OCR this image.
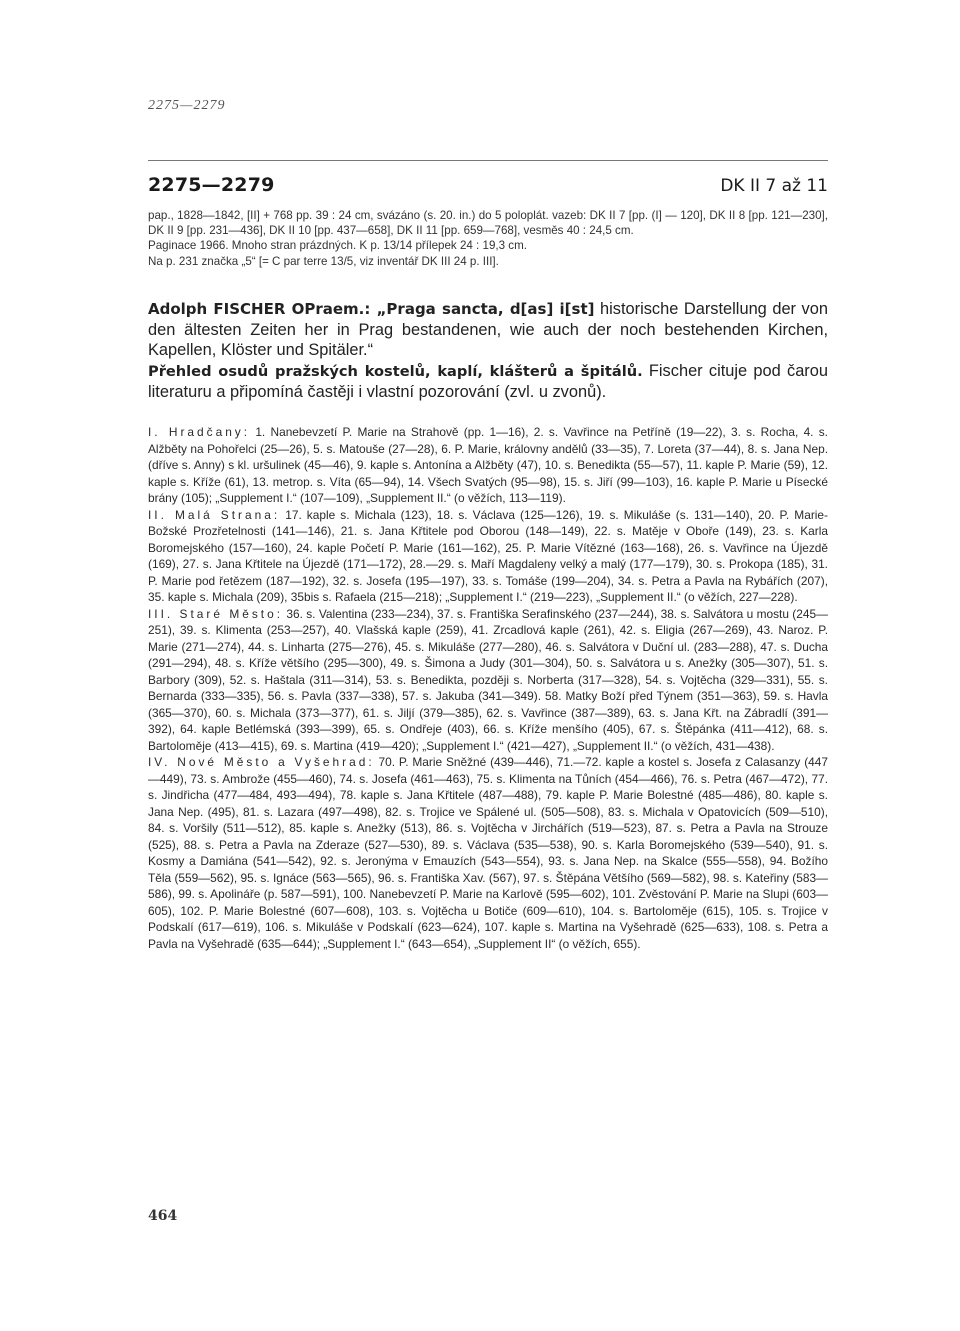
2275—2279
2275—2279	DK II 7 až 11

pap., 1828—1842, [II] + 768 pp. 39 : 24 cm, svázáno (s. 20. in.) do 5 poloplát. vazeb: DK II 7 [pp. (I] — 120], DK II 8 [pp. 121—230], DK II 9 [pp. 231—436], DK II 10 [pp. 437—658], DK II 11 [pp. 659—768], vesměs 40 : 24,5 cm.

Paginace 1966. Mnoho stran prázdných. K p. 13/14 přílepek 24 : 19,3 cm.

Na p. 231 značka „5“ [= C par terre 13/5, viz inventář DK III 24 p. III].

Adolph FISCHER OPraem.: „Praga sancta, d[as] i[st] historische Darstellung der von den ältesten Zeiten her in Prag bestandenen, wie auch der noch bestehenden Kirchen, Kapellen, Klöster und Spitäler.“

Přehled osudů pražských kostelů, kaplí, klášterů a špitálů. Fischer cituje pod čarou literaturu a připomíná častěji i vlastní pozorování (zvl. u zvonů).

I. Hradčany: 1. Nanebevzetí P. Marie na Strahově (pp. 1—16), 2. s. Vavřince na Petříně (19—22), 3. s. Rocha, 4. s. Alžběty na Pohořelci (25—26), 5. s. Matouše (27—28), 6. P. Marie, královny andělů (33—35), 7. Loreta (37—44), 8. s. Jana Nep. (dříve s. Anny) s kl. uršulinek (45—46), 9. kaple s. Antonína a Alžběty (47), 10. s. Benedikta (55—57), 11. kaple P. Marie (59), 12. kaple s. Kříže (61), 13. metrop. s. Víta (65—94), 14. Všech Svatých (95—98), 15. s. Jiří (99—103), 16. kaple P. Marie u Písecké brány (105); „Supplement I.“ (107—109), „Supplement II.“ (o věžích, 113—119).

II. Malá Strana: 17. kaple s. Michala (123), 18. s. Václava (125—126), 19. s. Mikuláše (s. 131—140), 20. P. Marie-Božské Prozřetelnosti (141—146), 21. s. Jana Křtitele pod Oborou (148—149), 22. s. Matěje v Oboře (149), 23. s. Karla Boromejského (157—160), 24. kaple Početí P. Marie (161—162), 25. P. Marie Vítězné (163—168), 26. s. Vavřince na Újezdě (169), 27. s. Jana Křtitele na Újezdě (171—172), 28.—29. s. Maří Magdaleny velký a malý (177—179), 30. s. Prokopa (185), 31. P. Marie pod řetězem (187—192), 32. s. Josefa (195—197), 33. s. Tomáše (199—204), 34. s. Petra a Pavla na Rybářích (207), 35. kaple s. Michala (209), 35bis s. Rafaela (215—218); „Supplement I.“ (219—223), „Supplement II.“ (o věžích, 227—228).

III. Staré Město: 36. s. Valentina (233—234), 37. s. Františka Serafinského (237—244), 38. s. Salvátora u mostu (245—251), 39. s. Klimenta (253—257), 40. Vlašská kaple (259), 41. Zrcadlová kaple (261), 42. s. Eligia (267—269), 43. Naroz. P. Marie (271—274), 44. s. Linharta (275—276), 45. s. Mikuláše (277—280), 46. s. Salvátora v Duční ul. (283—288), 47. s. Ducha (291—294), 48. s. Kříže většího (295—300), 49. s. Šimona a Judy (301—304), 50. s. Salvátora u s. Anežky (305—307), 51. s. Barbory (309), 52. s. Haštala (311—314), 53. s. Benedikta, později s. Norberta (317—328), 54. s. Vojtěcha (329—331), 55. s. Bernarda (333—335), 56. s. Pavla (337—338), 57. s. Jakuba (341—349). 58. Matky Boží před Týnem (351—363), 59. s. Havla (365—370), 60. s. Michala (373—377), 61. s. Jiljí (379—385), 62. s. Vavřince (387—389), 63. s. Jana Křt. na Zábradlí (391—392), 64. kaple Betlémská (393—399), 65. s. Ondřeje (403), 66. s. Kříže menšího (405), 67. s. Štěpánka (411—412), 68. s. Bartoloměje (413—415), 69. s. Martina (419—420); „Supplement I.“ (421—427), „Supplement II.“ (o věžích, 431—438).

IV. Nové Město a Vyšehrad: 70. P. Marie Sněžné (439—446), 71.—72. kaple a kostel s. Josefa z Calasanzy (447—449), 73. s. Ambrože (455—460), 74. s. Josefa (461—463), 75. s. Klimenta na Tůních (454—466), 76. s. Petra (467—472), 77. s. Jindřicha (477—484, 493—494), 78. kaple s. Jana Křtitele (487—488), 79. kaple P. Marie Bolestné (485—486), 80. kaple s. Jana Nep. (495), 81. s. Lazara (497—498), 82. s. Trojice ve Spálené ul. (505—508), 83. s. Michala v Opatovicích (509—510), 84. s. Voršily (511—512), 85. kaple s. Anežky (513), 86. s. Vojtěcha v Jirchářích (519—523), 87. s. Petra a Pavla na Strouze (525), 88. s. Petra a Pavla na Zderaze (527—530), 89. s. Václava (535—538), 90. s. Karla Boromejského (539—540), 91. s. Kosmy a Damiána (541—542), 92. s. Jeronýma v Emauzích (543—554), 93. s. Jana Nep. na Skalce (555—558), 94. Božího Těla (559—562), 95. s. Ignáce (563—565), 96. s. Františka Xav. (567), 97. s. Štěpána Většího (569—582), 98. s. Kateřiny (583—586), 99. s. Apolináře (p. 587—591), 100. Nanebevzetí P. Marie na Karlově (595—602), 101. Zvěstování P. Marie na Slupi (603—605), 102. P. Marie Bolestné (607—608), 103. s. Vojtěcha u Botiče (609—610), 104. s. Bartoloměje (615), 105. s. Trojice v Podskalí (617—619), 106. s. Mikuláše v Podskalí (623—624), 107. kaple s. Martina na Vyšehradě (625—633), 108. s. Petra a Pavla na Vyšehradě (635—644); „Supplement I.“ (643—654), „Supplement II“ (o věžích, 655).

464
